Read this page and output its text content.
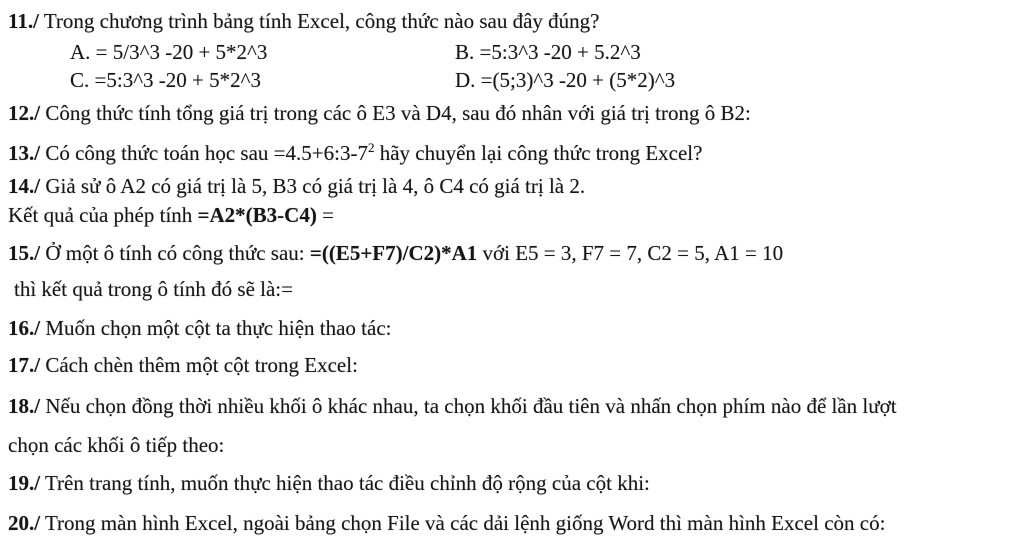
11./ Trong chương trình bảng tính Excel, công thức nào sau đây đúng?
A. = 5/3^3 -20 + 5*2^3	B. =5:3^3 -20 + 5.2^3
C. =5:3^3 -20 + 5*2^3	D. =(5;3)^3 -20 + (5*2)^3
12./ Công thức tính tổng giá trị trong các ô E3 và D4, sau đó nhân với giá trị trong ô B2:
13./ Có công thức toán học sau $=4.5+6:3-7^2$ hãy chuyển lại công thức trong Excel?
14./ Giả sử ô A2 có giá trị là 5, B3 có giá trị là 4, ô C4 có giá trị là 2.
Kết quả của phép tính =A2*(B3-C4) =
15./ Ở một ô tính có công thức sau: =((E5+F7)/C2)*A1 với E5 = 3, F7 = 7, C2 = 5, A1 = 10
thì kết quả trong ô tính đó sẽ là:=
16./ Muốn chọn một cột ta thực hiện thao tác:
17./ Cách chèn thêm một cột trong Excel:
18./ Nếu chọn đồng thời nhiều khối ô khác nhau, ta chọn khối đầu tiên và nhấn chọn phím nào để lần lượt
chọn các khối ô tiếp theo:
19./ Trên trang tính, muốn thực hiện thao tác điều chỉnh độ rộng của cột khi:
20./ Trong màn hình Excel, ngoài bảng chọn File và các dải lệnh giống Word thì màn hình Excel còn có:
